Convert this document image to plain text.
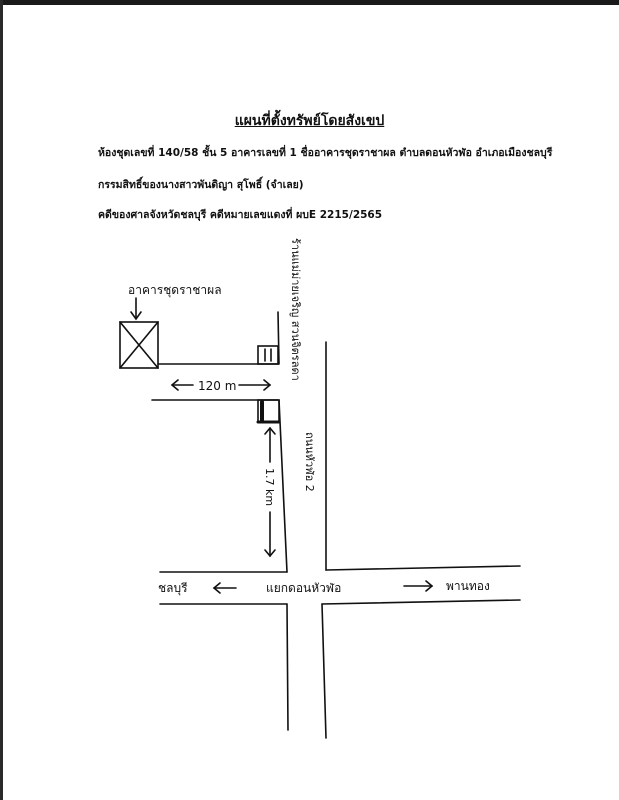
แผนที่ตั้งทรัพย์โดยสังเขป
ห้องชุดเลขที่ 140/58 ชั้น 5 อาคารเลขที่ 1 ชื่ออาคารชุดราชาผล ตำบลดอนหัวฬ่อ อำเภอเมืองชลบุรี
กรรมสิทธิ์ของนางสาวพันดิญา สุโพธิ์ (จำเลย)
คดีของศาลจังหวัดชลบุรี คดีหมายเลขแดงที่ ผบE 2215/2565
อาคารชุดราชาผล
120 m
1.7 km
ร้านแม่ม่ายเจริญ สวนจิตรลดา
ถนนหัวฬ่อ 2
ชลบุรี	แยกดอนหัวฬ่อ	พานทอง
